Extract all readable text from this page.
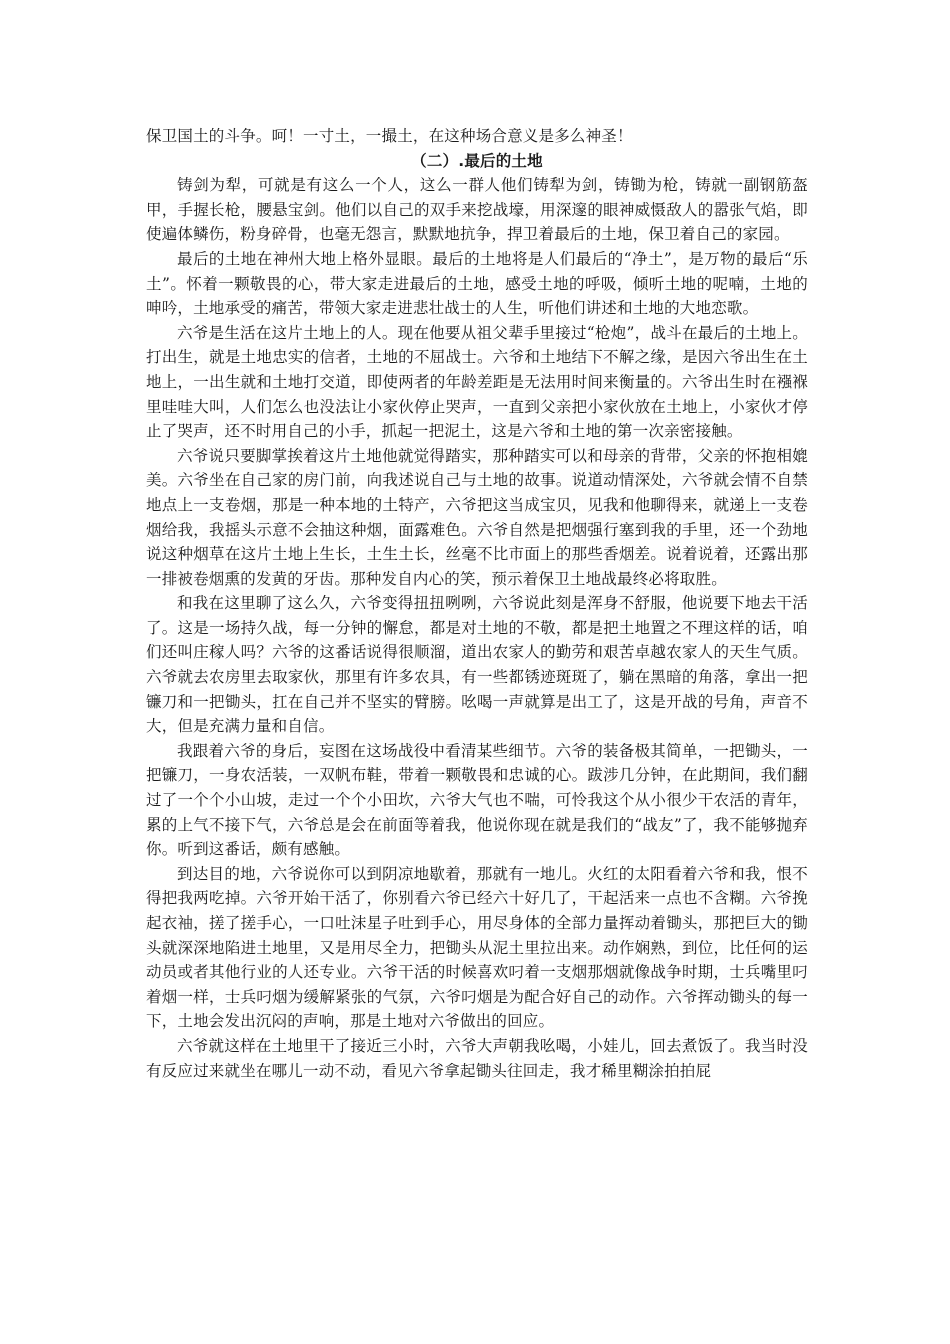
保卫国土的斗争。呵！一寸土，一撮土，在这种场合意义是多么神圣！

（二）.最后的土地

铸剑为犁，可就是有这么一个人，这么一群人他们铸犁为剑，铸锄为枪，铸就一副钢筋盔甲，手握长枪，腰悬宝剑。他们以自己的双手来挖战壕，用深邃的眼神威慑敌人的嚣张气焰，即使遍体鳞伤，粉身碎骨，也毫无怨言，默默地抗争，捍卫着最后的土地，保卫着自己的家园。

最后的土地在神州大地上格外显眼。最后的土地将是人们最后的“净土”，是万物的最后“乐土”。怀着一颗敬畏的心，带大家走进最后的土地，感受土地的呼吸，倾听土地的呢喃，土地的呻吟，土地承受的痛苦，带领大家走进悲壮战士的人生，听他们讲述和土地的大地恋歌。

六爷是生活在这片土地上的人。现在他要从祖父辈手里接过“枪炮”，战斗在最后的土地上。打出生，就是土地忠实的信者，土地的不屈战士。六爷和土地结下不解之缘，是因六爷出生在土地上，一出生就和土地打交道，即使两者的年龄差距是无法用时间来衡量的。六爷出生时在襁褓里哇哇大叫，人们怎么也没法让小家伙停止哭声，一直到父亲把小家伙放在土地上，小家伙才停止了哭声，还不时用自己的小手，抓起一把泥土，这是六爷和土地的第一次亲密接触。

六爷说只要脚掌挨着这片土地他就觉得踏实，那种踏实可以和母亲的背带，父亲的怀抱相媲美。六爷坐在自己家的房门前，向我述说自己与土地的故事。说道动情深处，六爷就会情不自禁地点上一支卷烟，那是一种本地的土特产，六爷把这当成宝贝，见我和他聊得来，就递上一支卷烟给我，我摇头示意不会抽这种烟，面露难色。六爷自然是把烟强行塞到我的手里，还一个劲地说这种烟草在这片土地上生长，土生土长，丝毫不比市面上的那些香烟差。说着说着，还露出那一排被卷烟熏的发黄的牙齿。那种发自内心的笑，预示着保卫土地战最终必将取胜。

和我在这里聊了这么久，六爷变得扭扭咧咧，六爷说此刻是浑身不舒服，他说要下地去干活了。这是一场持久战，每一分钟的懈怠，都是对土地的不敬，都是把土地置之不理这样的话，咱们还叫庄稼人吗？六爷的这番话说得很顺溜，道出农家人的勤劳和艰苦卓越农家人的天生气质。六爷就去农房里去取家伙，那里有许多农具，有一些都锈迹斑斑了，躺在黑暗的角落，拿出一把镰刀和一把锄头，扛在自己并不坚实的臂膀。吆喝一声就算是出工了，这是开战的号角，声音不大，但是充满力量和自信。

我跟着六爷的身后，妄图在这场战役中看清某些细节。六爷的装备极其简单，一把锄头，一把镰刀，一身农活装，一双帆布鞋，带着一颗敬畏和忠诚的心。跋涉几分钟，在此期间，我们翻过了一个个小山坡，走过一个个小田坎，六爷大气也不喘，可怜我这个从小很少干农活的青年，累的上气不接下气，六爷总是会在前面等着我，他说你现在就是我们的“战友”了，我不能够抛弃你。听到这番话，颇有感触。

到达目的地，六爷说你可以到阴凉地歇着，那就有一地儿。火红的太阳看着六爷和我，恨不得把我两吃掉。六爷开始干活了，你别看六爷已经六十好几了，干起活来一点也不含糊。六爷挽起衣袖，搓了搓手心，一口吐沫星子吐到手心，用尽身体的全部力量挥动着锄头，那把巨大的锄头就深深地陷进土地里，又是用尽全力，把锄头从泥土里拉出来。动作娴熟，到位，比任何的运动员或者其他行业的人还专业。六爷干活的时候喜欢叼着一支烟那烟就像战争时期，士兵嘴里叼着烟一样，士兵叼烟为缓解紧张的气氛，六爷叼烟是为配合好自己的动作。六爷挥动锄头的每一下，土地会发出沉闷的声响，那是土地对六爷做出的回应。

六爷就这样在土地里干了接近三小时，六爷大声朝我吆喝，小娃儿，回去煮饭了。我当时没有反应过来就坐在哪儿一动不动，看见六爷拿起锄头往回走，我才稀里糊涂拍拍屁
